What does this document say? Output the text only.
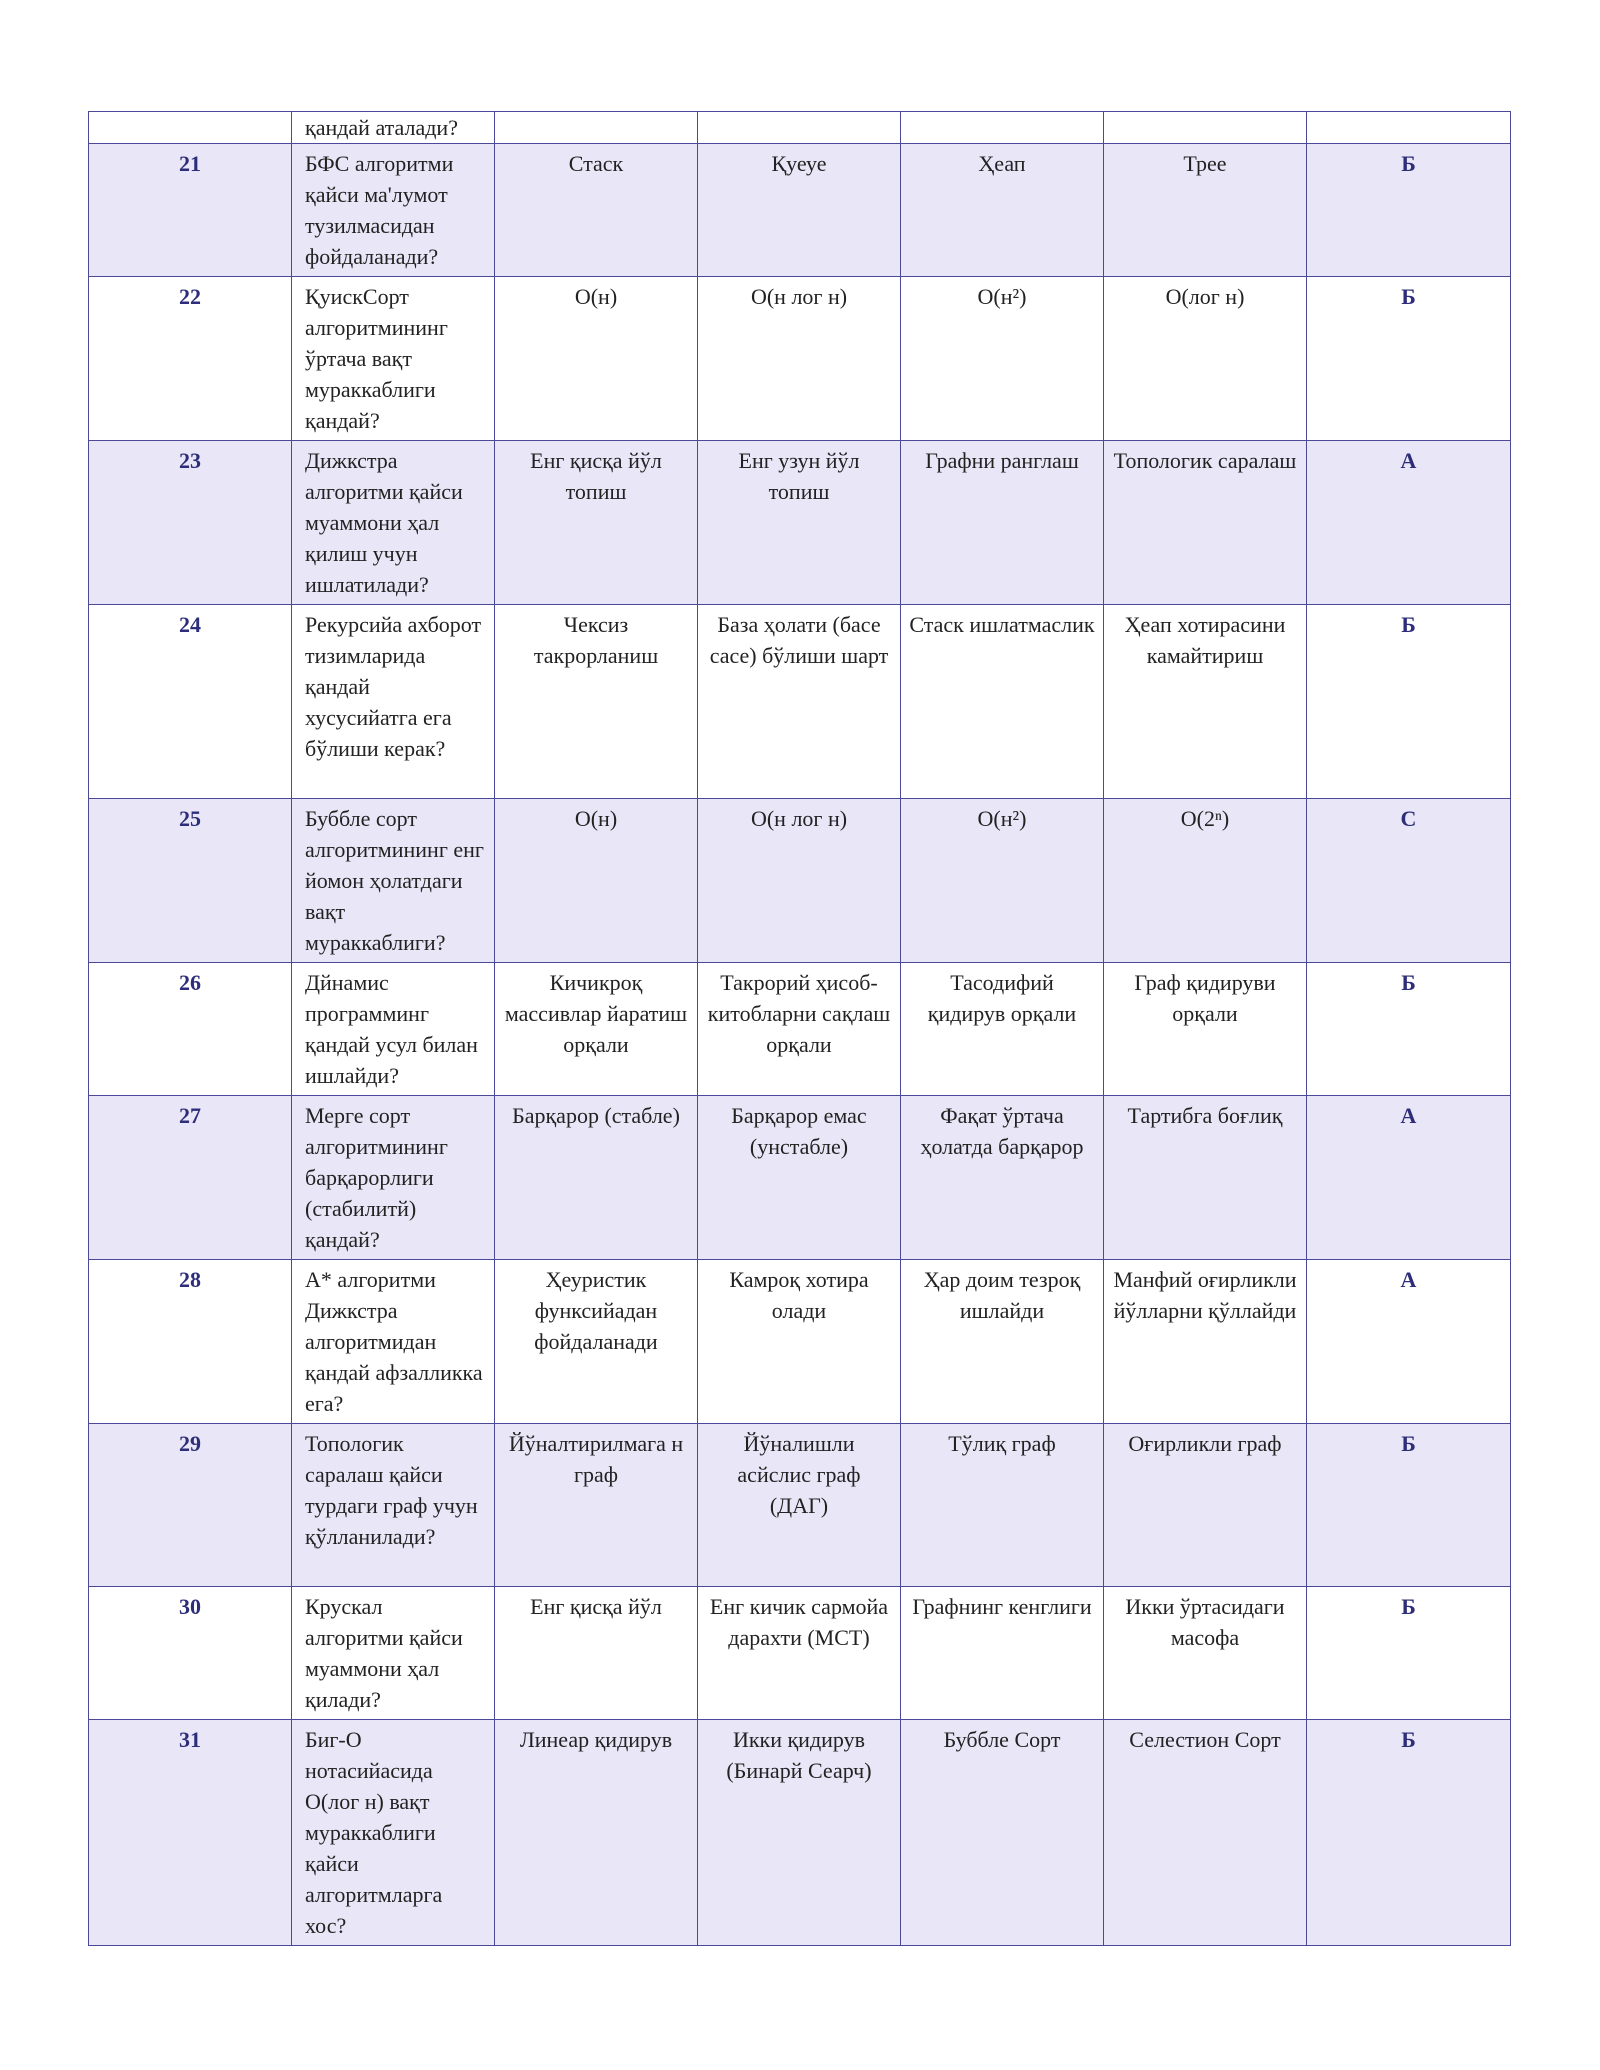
	қандай аталади?					
21	БФС алгоритми қайси ма'лумот тузилмасидан фойдаланади?	Стаск	Қуеуе	Ҳеап	Трее	Б
22	ҚуискСорт алгоритмининг ўртача вақт мураккаблиги қандай?	О(н)	О(н лог н)	О(н²)	О(лог н)	Б
23	Дижкстра алгоритми қайси муаммони ҳал қилиш учун ишлатилади?	Енг қисқа йўл топиш	Енг узун йўл топиш	Графни ранглаш	Топологик саралаш	А
24	Рекурсийа ахборот тизимларида қандай хусусийатга ега бўлиши керак?	Чексиз такрорланиш	База ҳолати (басе сасе) бўлиши шарт	Стаск ишлатмаслик	Ҳеап хотирасини камайтириш	Б
25	Буббле сорт алгоритмининг енг йомон ҳолатдаги вақт мураккаблиги?	О(н)	О(н лог н)	О(н²)	О(2ⁿ)	С
26	Дйнамис программинг қандай усул билан ишлайди?	Кичикроқ массивлар йаратиш орқали	Такрорий ҳисоб-китобларни сақлаш орқали	Тасодифий қидирув орқали	Граф қидируви орқали	Б
27	Мерге сорт алгоритмининг барқарорлиги (стабилитй) қандай?	Барқарор (стабле)	Барқарор емас (унстабле)	Фақат ўртача ҳолатда барқарор	Тартибга боғлиқ	А
28	А* алгоритми Дижкстра алгоритмидан қандай афзалликка ега?	Ҳеуристик функсийадан фойдаланади	Камроқ хотира олади	Ҳар доим тезроқ ишлайди	Манфий оғирликли йўлларни қўллайди	А
29	Топологик саралаш қайси турдаги граф учун қўлланилади?	Йўналтирилмага н граф	Йўналишли асйслис граф (ДАГ)	Тўлиқ граф	Оғирликли граф	Б
30	Крускал алгоритми қайси муаммони ҳал қилади?	Енг қисқа йўл	Енг кичик сармойа дарахти (МСТ)	Графнинг кенглиги	Икки ўртасидаги масофа	Б
31	Биг-О нотасийасида О(лог н) вақт мураккаблиги қайси алгоритмларга хос?	Линеар қидирув	Икки қидирув (Бинарй Сеарч)	Буббле Сорт	Селестион Сорт	Б
